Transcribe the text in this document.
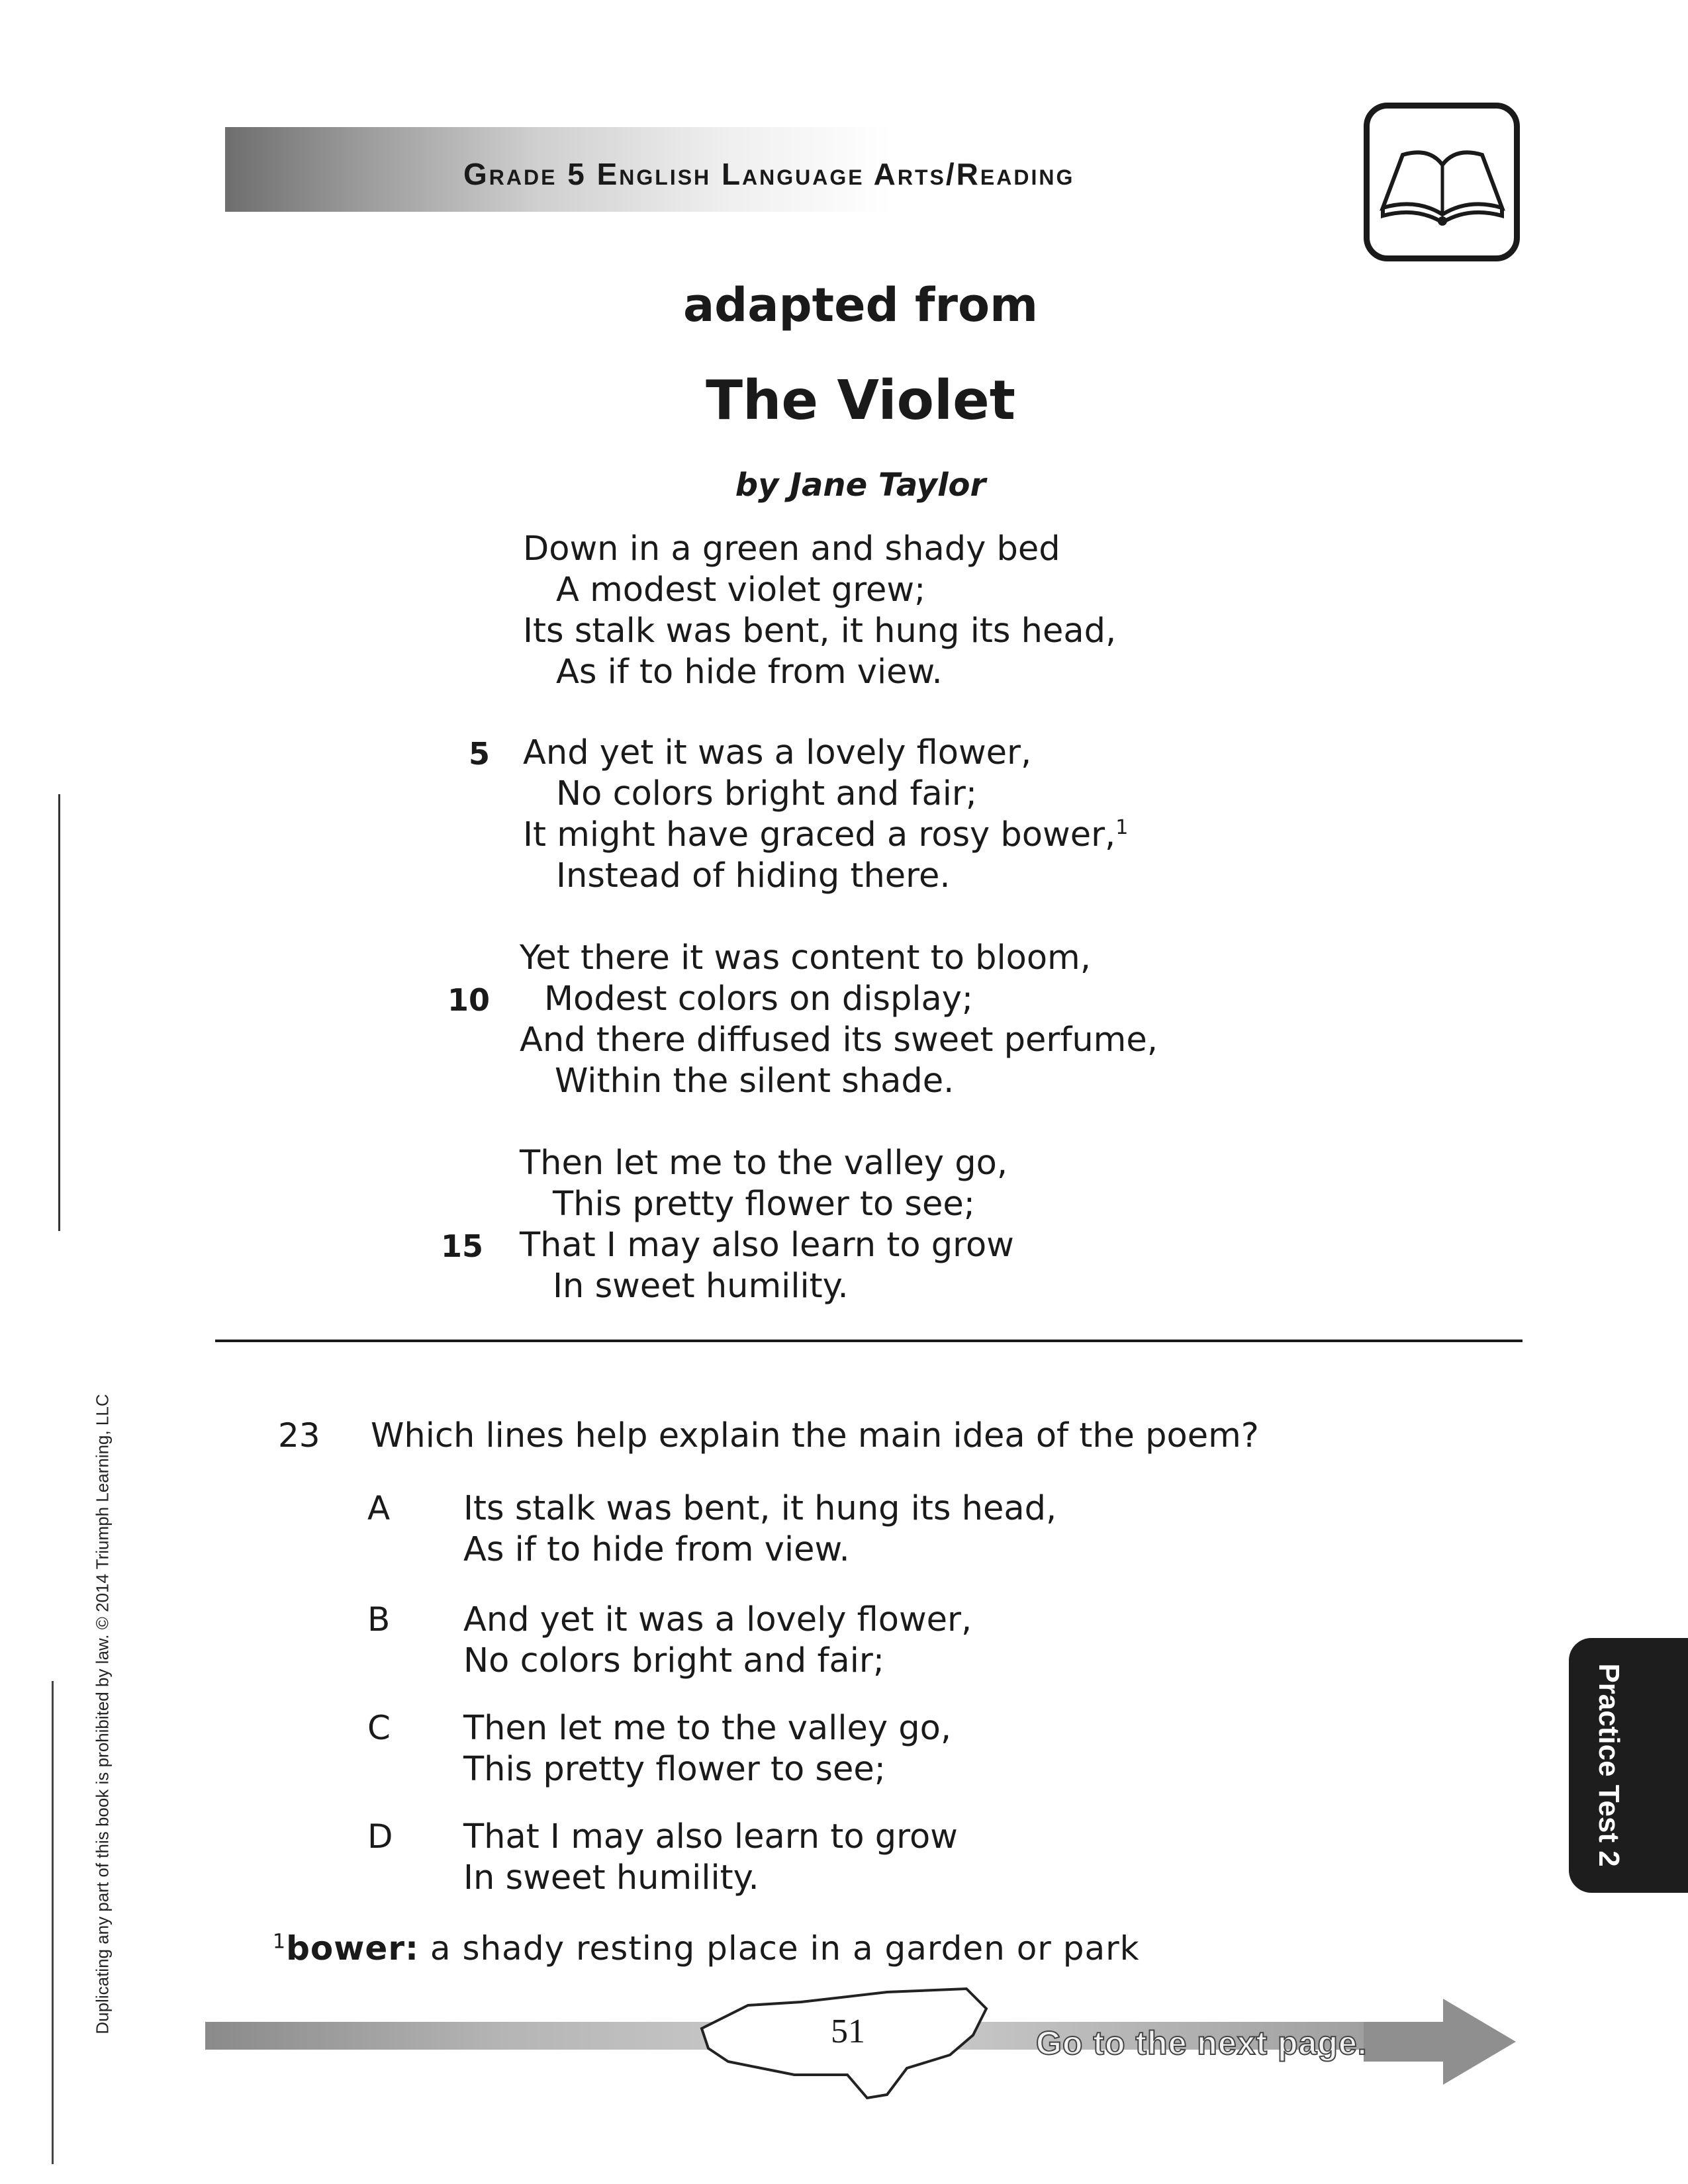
Grade 5 English Language Arts/Reading
adapted from
The Violet
by Jane Taylor
Down in a green and shady bed
A modest violet grew;
Its stalk was bent, it hung its head,
As if to hide from view.
5 And yet it was a lovely flower,
No colors bright and fair;
It might have graced a rosy bower,$^1$
Instead of hiding there.
Yet there it was content to bloom,
10 Modest colors on display;
And there diffused its sweet perfume,
Within the silent shade.
Then let me to the valley go,
This pretty flower to see;
15 That I may also learn to grow
In sweet humility.
23 Which lines help explain the main idea of the poem?
A Its stalk was bent, it hung its head,
As if to hide from view.
B And yet it was a lovely flower,
No colors bright and fair;
C Then let me to the valley go,
This pretty flower to see;
D That I may also learn to grow
In sweet humility.
$^1$bower: a shady resting place in a garden or park
51	Go to the next page.
Practice Test 2
Duplicating any part of this book is prohibited by law. © 2014 Triumph Learning, LLC
